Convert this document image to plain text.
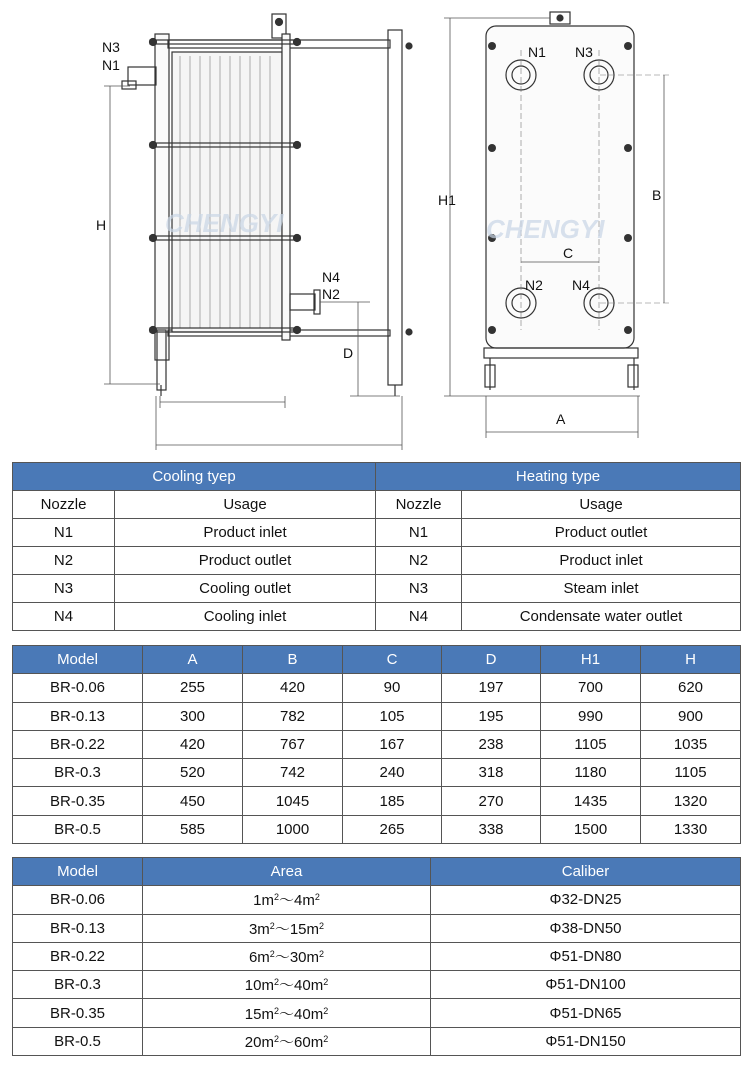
CHENGYI	CHENGYI
N3
N1
N4
N2
H
D
N1 N3
N2 N4
H1	B
C
A
Cooling tyep		Heating type	
Nozzle	Usage	Nozzle	Usage
N1	Product inlet	N1	Product outlet
N2	Product outlet	N2	Product inlet
N3	Cooling outlet	N3	Steam inlet
N4	Cooling inlet	N4	Condensate water outlet
Model	A	B	C	D	H1	H
BR-0.06	255	420	90	197	700	620
BR-0.13	300	782	105	195	990	900
BR-0.22	420	767	167	238	1105	1035
BR-0.3	520	742	240	318	1180	1105
BR-0.35	450	1045	185	270	1435	1320
BR-0.5	585	1000	265	338	1500	1330
Model	Area	Caliber
BR-0.06	$1m^2\sim 4m^2$	Φ32-DN25
BR-0.13	$3m^2\sim 15m^2$	Φ38-DN50
BR-0.22	$6m^2\sim 30m^2$	Φ51-DN80
BR-0.3	$10m^2\sim 40m^2$	Φ51-DN100
BR-0.35	$15m^2\sim 40m^2$	Φ51-DN65
BR-0.5	$20m^2\sim 60m^2$	Φ51-DN150
